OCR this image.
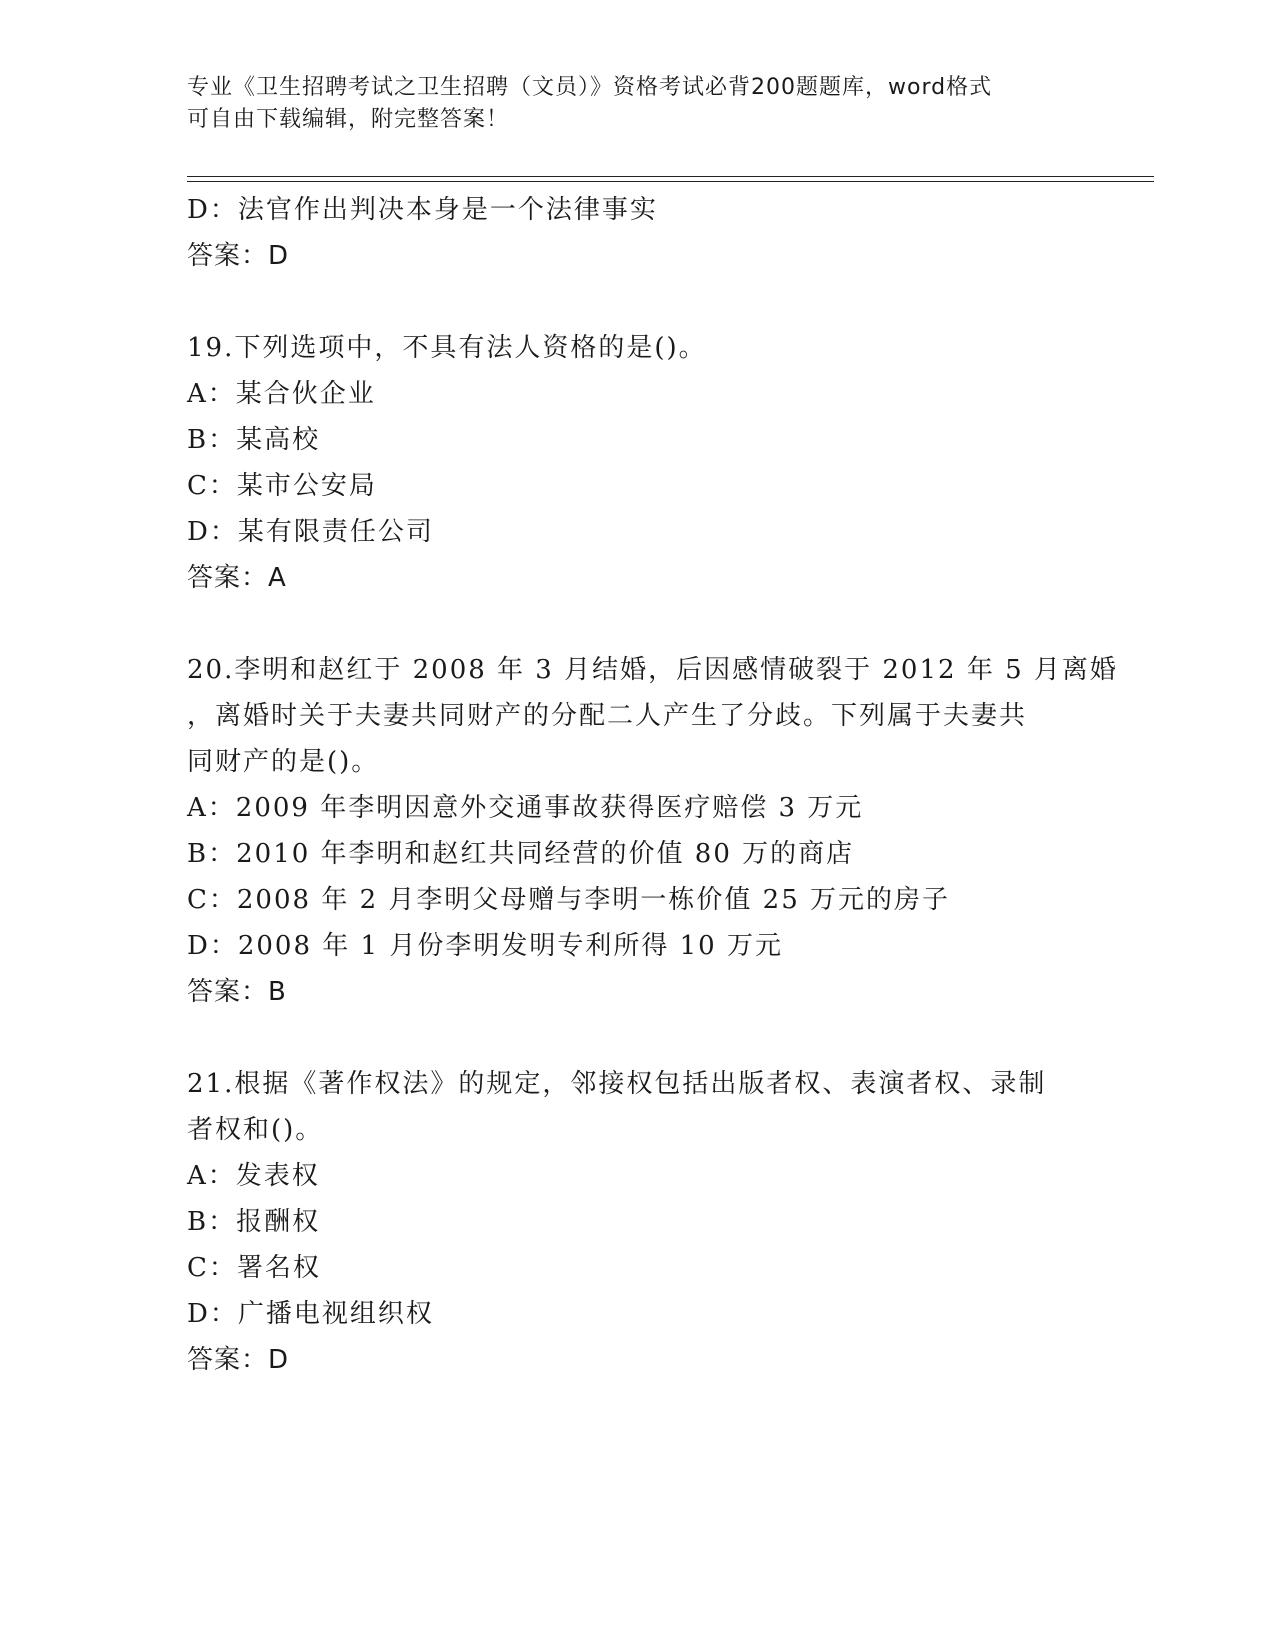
专业《卫生招聘考试之卫生招聘（文员）》资格考试必背200题题库，word格式

可自由下载编辑，附完整答案！

D：法官作出判决本身是一个法律事实

答案：D

19.下列选项中，不具有法人资格的是()。

A：某合伙企业

B：某高校

C：某市公安局

D：某有限责任公司

答案：A

20.李明和赵红于 2008 年 3 月结婚，后因感情破裂于 2012 年 5 月离婚

，离婚时关于夫妻共同财产的分配二人产生了分歧。下列属于夫妻共

同财产的是()。

A：2009 年李明因意外交通事故获得医疗赔偿 3 万元

B：2010 年李明和赵红共同经营的价值 80 万的商店

C：2008 年 2 月李明父母赠与李明一栋价值 25 万元的房子

D：2008 年 1 月份李明发明专利所得 10 万元

答案：B

21.根据《著作权法》的规定，邻接权包括出版者权、表演者权、录制

者权和()。

A：发表权

B：报酬权

C：署名权

D：广播电视组织权

答案：D
